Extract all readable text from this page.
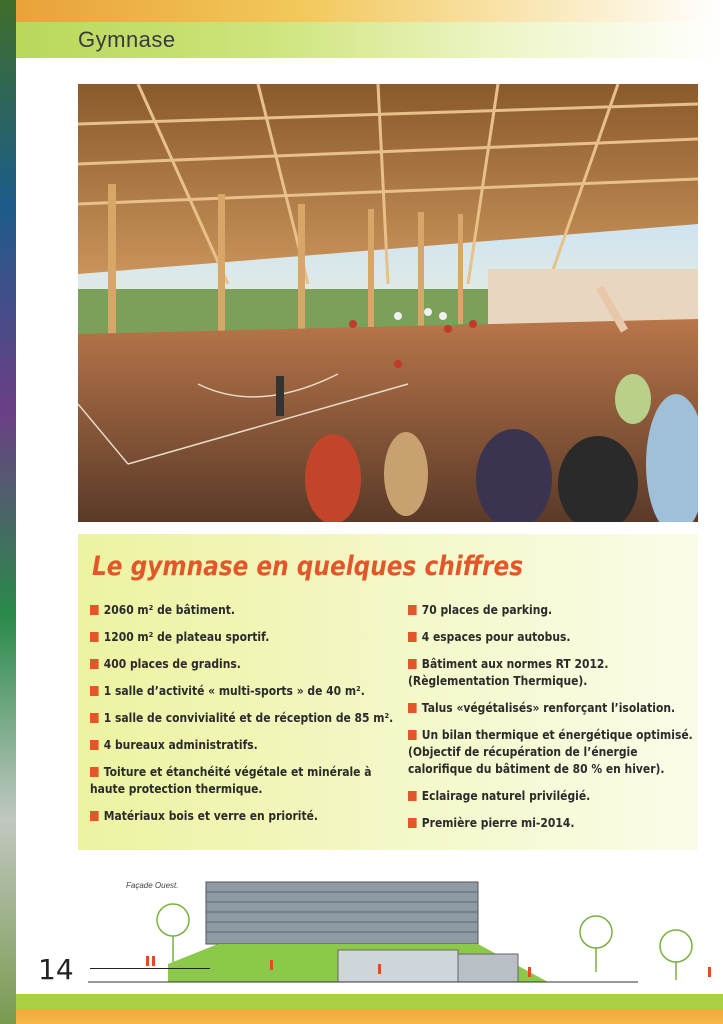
Gymnase
Le gymnase en quelques chiffres

2060 m² de bâtiment.

1200 m² de plateau sportif.

400 places de gradins.

1 salle d’activité « multi-sports » de 40 m².

1 salle de convivialité et de réception de 85 m².

4 bureaux administratifs.

Toiture et étanchéité végétale et minérale à haute protection thermique.

Matériaux bois et verre en priorité.

70 places de parking.

4 espaces pour autobus.

Bâtiment aux normes RT 2012. (Règlementation Thermique).

Talus «végétalisés» renforçant l’isolation.

Un bilan thermique et énergétique optimisé. (Objectif de récupération de l’énergie calorifique du bâtiment de 80 % en hiver).

Eclairage naturel privilégié.

Première pierre mi-2014.

Façade Ouest.
14
